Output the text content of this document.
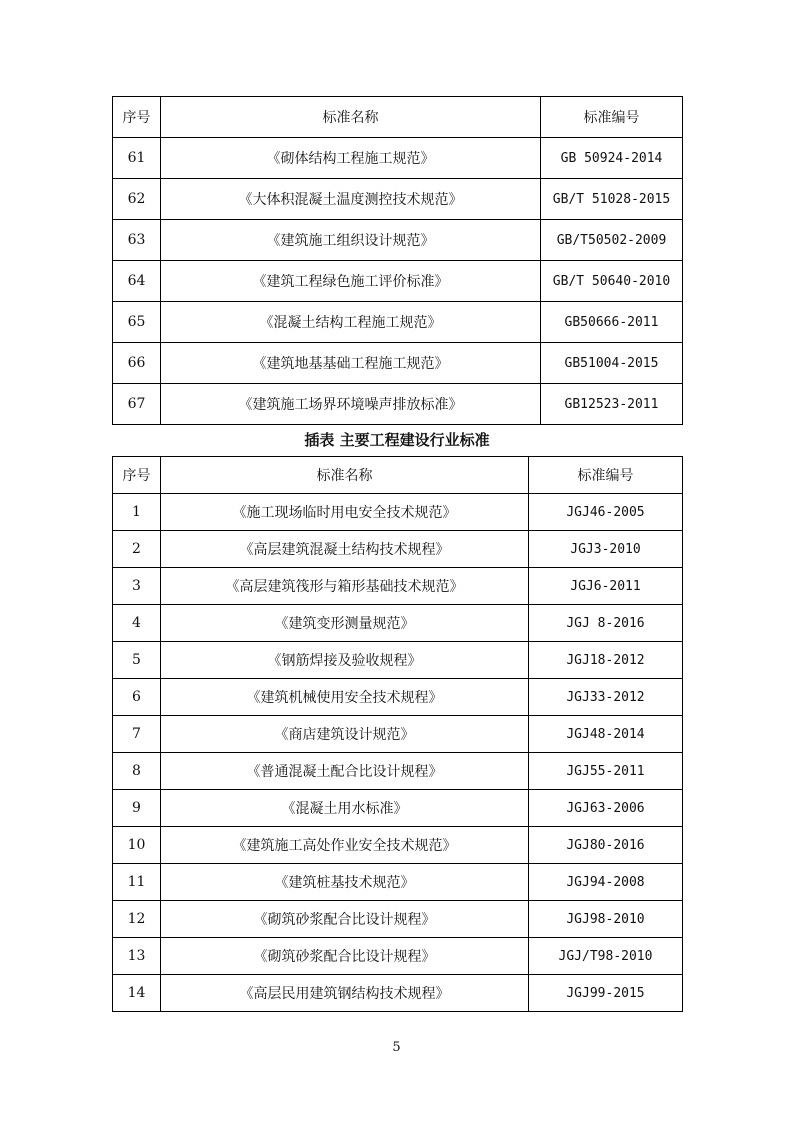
序号	标准名称	标准编号
61	《砌体结构工程施工规范》	GB 50924-2014
62	《大体积混凝土温度测控技术规范》	GB/T 51028-2015
63	《建筑施工组织设计规范》	GB/T50502-2009
64	《建筑工程绿色施工评价标准》	GB/T 50640-2010
65	《混凝土结构工程施工规范》	GB50666-2011
66	《建筑地基基础工程施工规范》	GB51004-2015
67	《建筑施工场界环境噪声排放标准》	GB12523-2011
插表 主要工程建设行业标准
序号	标准名称	标准编号
1	《施工现场临时用电安全技术规范》	JGJ46-2005
2	《高层建筑混凝土结构技术规程》	JGJ3-2010
3	《高层建筑筏形与箱形基础技术规范》	JGJ6-2011
4	《建筑变形测量规范》	JGJ 8-2016
5	《钢筋焊接及验收规程》	JGJ18-2012
6	《建筑机械使用安全技术规程》	JGJ33-2012
7	《商店建筑设计规范》	JGJ48-2014
8	《普通混凝土配合比设计规程》	JGJ55-2011
9	《混凝土用水标准》	JGJ63-2006
10	《建筑施工高处作业安全技术规范》	JGJ80-2016
11	《建筑桩基技术规范》	JGJ94-2008
12	《砌筑砂浆配合比设计规程》	JGJ98-2010
13	《砌筑砂浆配合比设计规程》	JGJ/T98-2010
14	《高层民用建筑钢结构技术规程》	JGJ99-2015
5
